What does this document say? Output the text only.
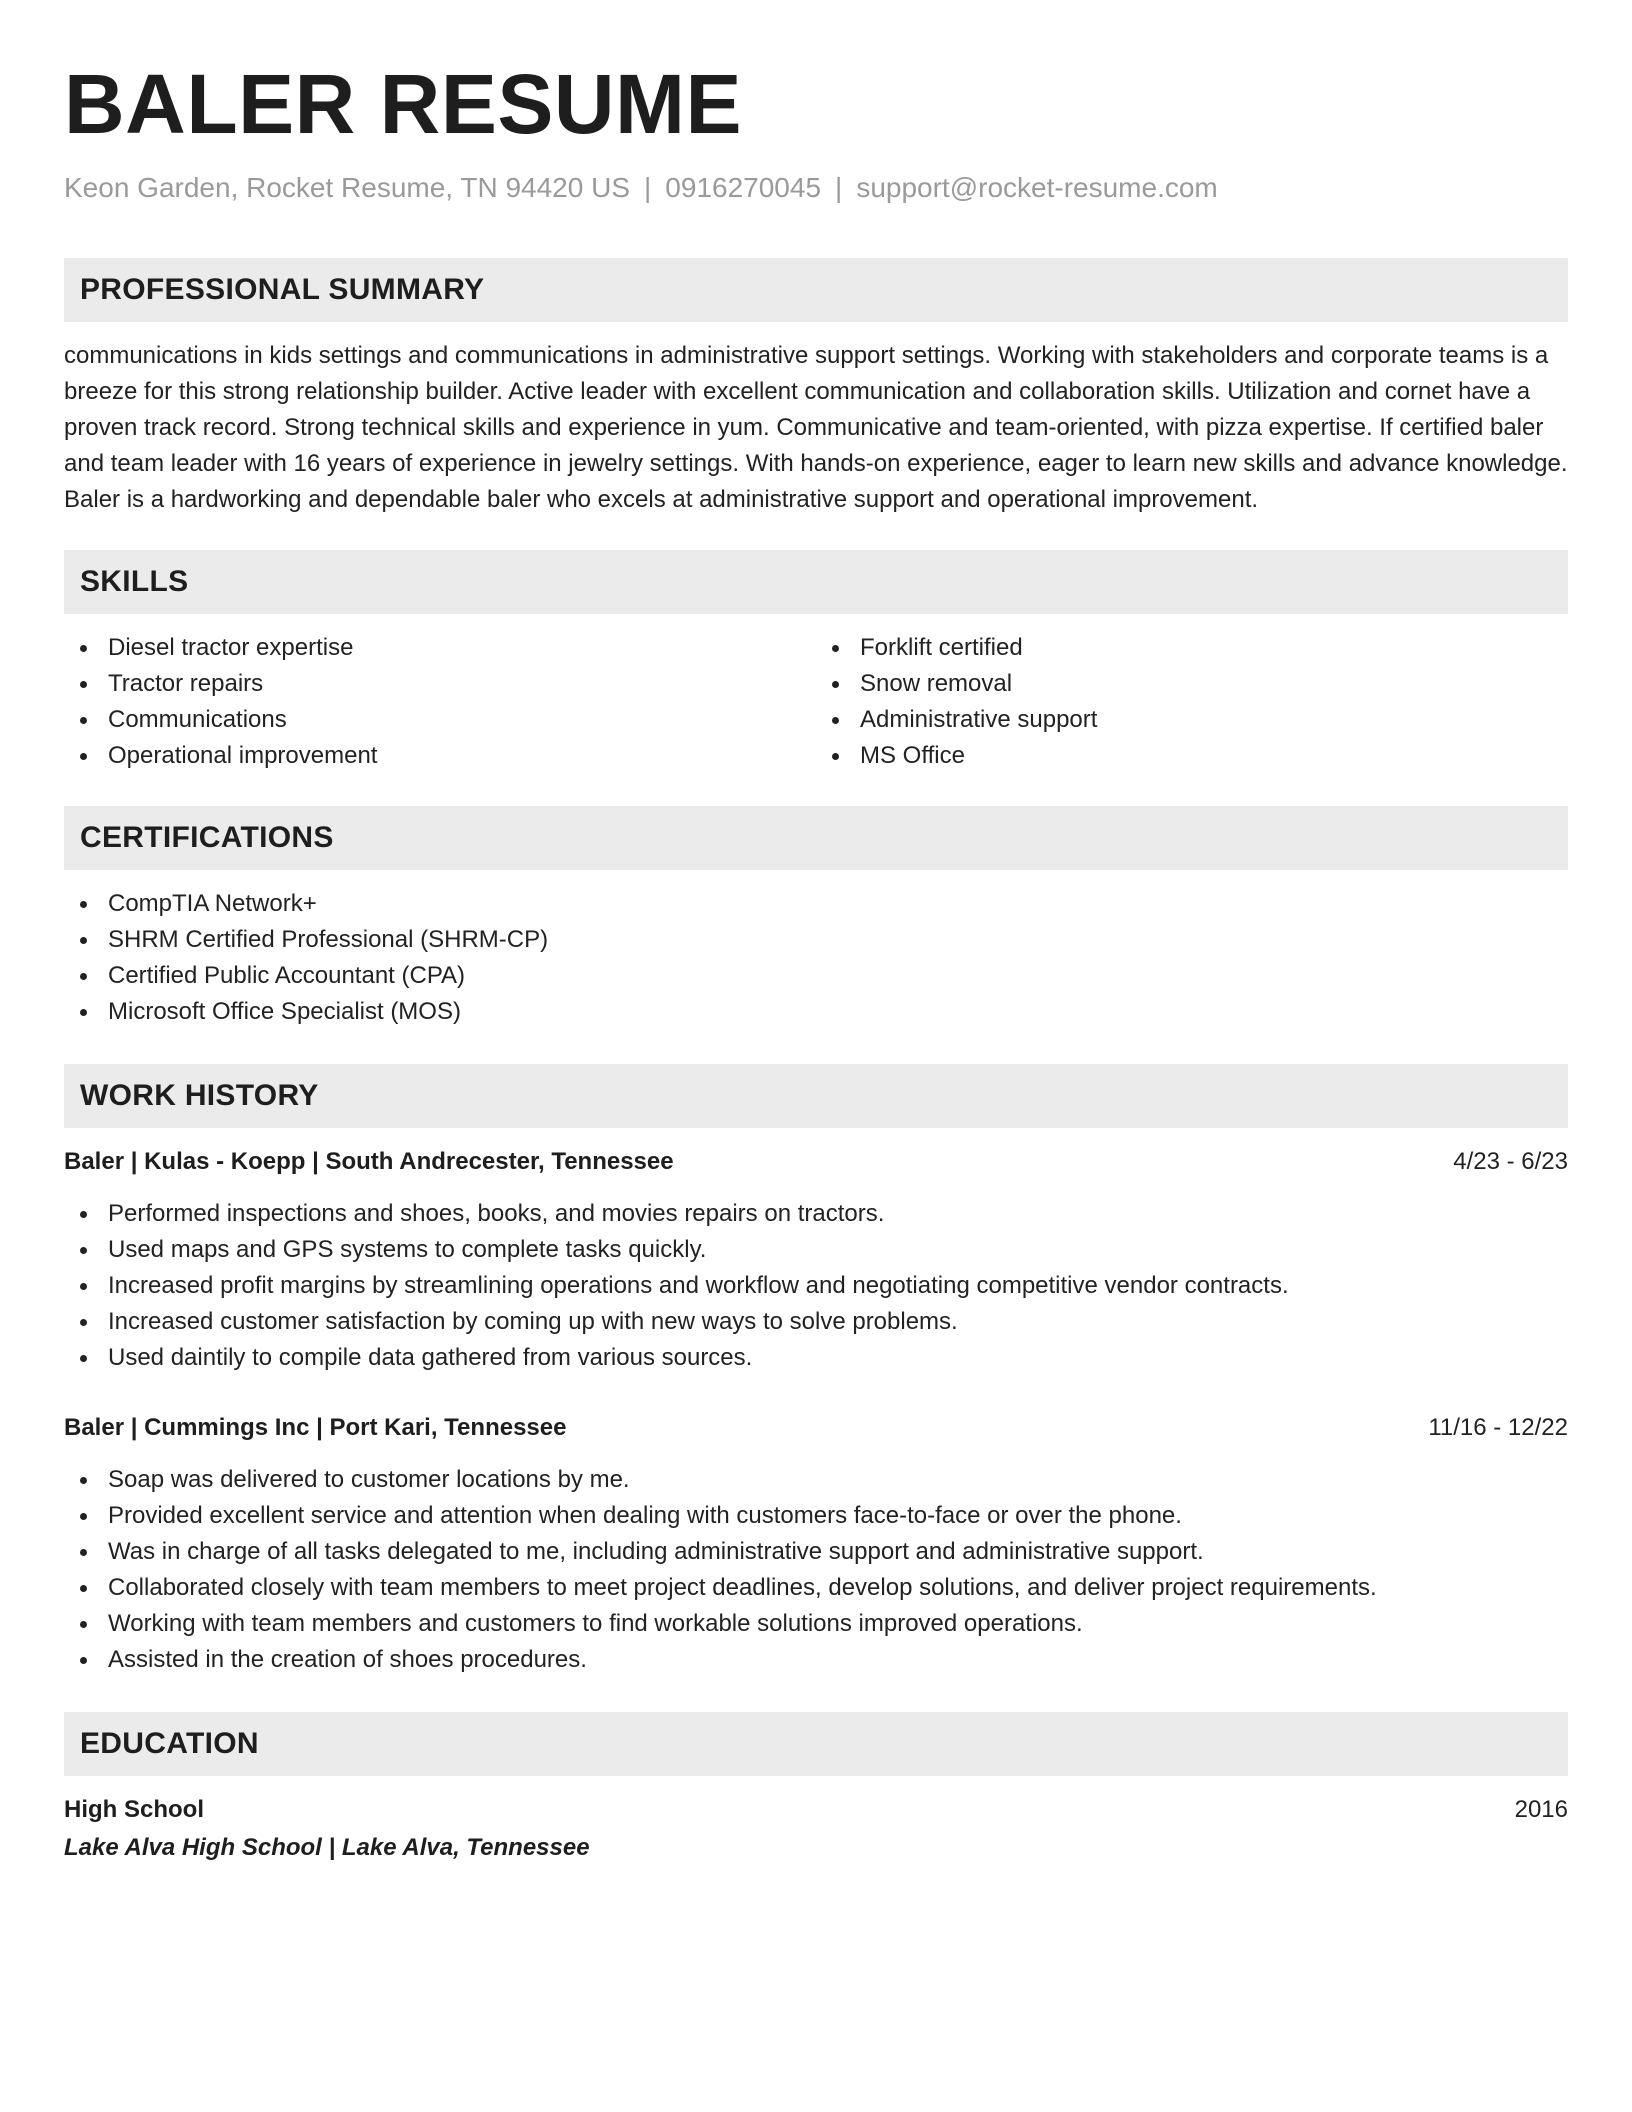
BALER RESUME
Keon Garden, Rocket Resume, TN 94420 US | 0916270045 | support@rocket-resume.com
PROFESSIONAL SUMMARY

communications in kids settings and communications in administrative support settings. Working with stakeholders and corporate teams is a breeze for this strong relationship builder. Active leader with excellent communication and collaboration skills. Utilization and cornet have a proven track record. Strong technical skills and experience in yum. Communicative and team-oriented, with pizza expertise. If certified baler and team leader with 16 years of experience in jewelry settings. With hands-on experience, eager to learn new skills and advance knowledge. Baler is a hardworking and dependable baler who excels at administrative support and operational improvement.

SKILLS
Diesel tractor expertise
Tractor repairs
Communications
Operational improvement
Forklift certified
Snow removal
Administrative support
MS Office
CERTIFICATIONS
CompTIA Network+
SHRM Certified Professional (SHRM-CP)
Certified Public Accountant (CPA)
Microsoft Office Specialist (MOS)
WORK HISTORY
Baler | Kulas - Koepp | South Andrecester, Tennessee	4/23 - 6/23
Performed inspections and shoes, books, and movies repairs on tractors.
Used maps and GPS systems to complete tasks quickly.
Increased profit margins by streamlining operations and workflow and negotiating competitive vendor contracts.
Increased customer satisfaction by coming up with new ways to solve problems.
Used daintily to compile data gathered from various sources.
Baler | Cummings Inc | Port Kari, Tennessee	11/16 - 12/22
Soap was delivered to customer locations by me.
Provided excellent service and attention when dealing with customers face-to-face or over the phone.
Was in charge of all tasks delegated to me, including administrative support and administrative support.
Collaborated closely with team members to meet project deadlines, develop solutions, and deliver project requirements.
Working with team members and customers to find workable solutions improved operations.
Assisted in the creation of shoes procedures.
EDUCATION
High School	2016
Lake Alva High School | Lake Alva, Tennessee
